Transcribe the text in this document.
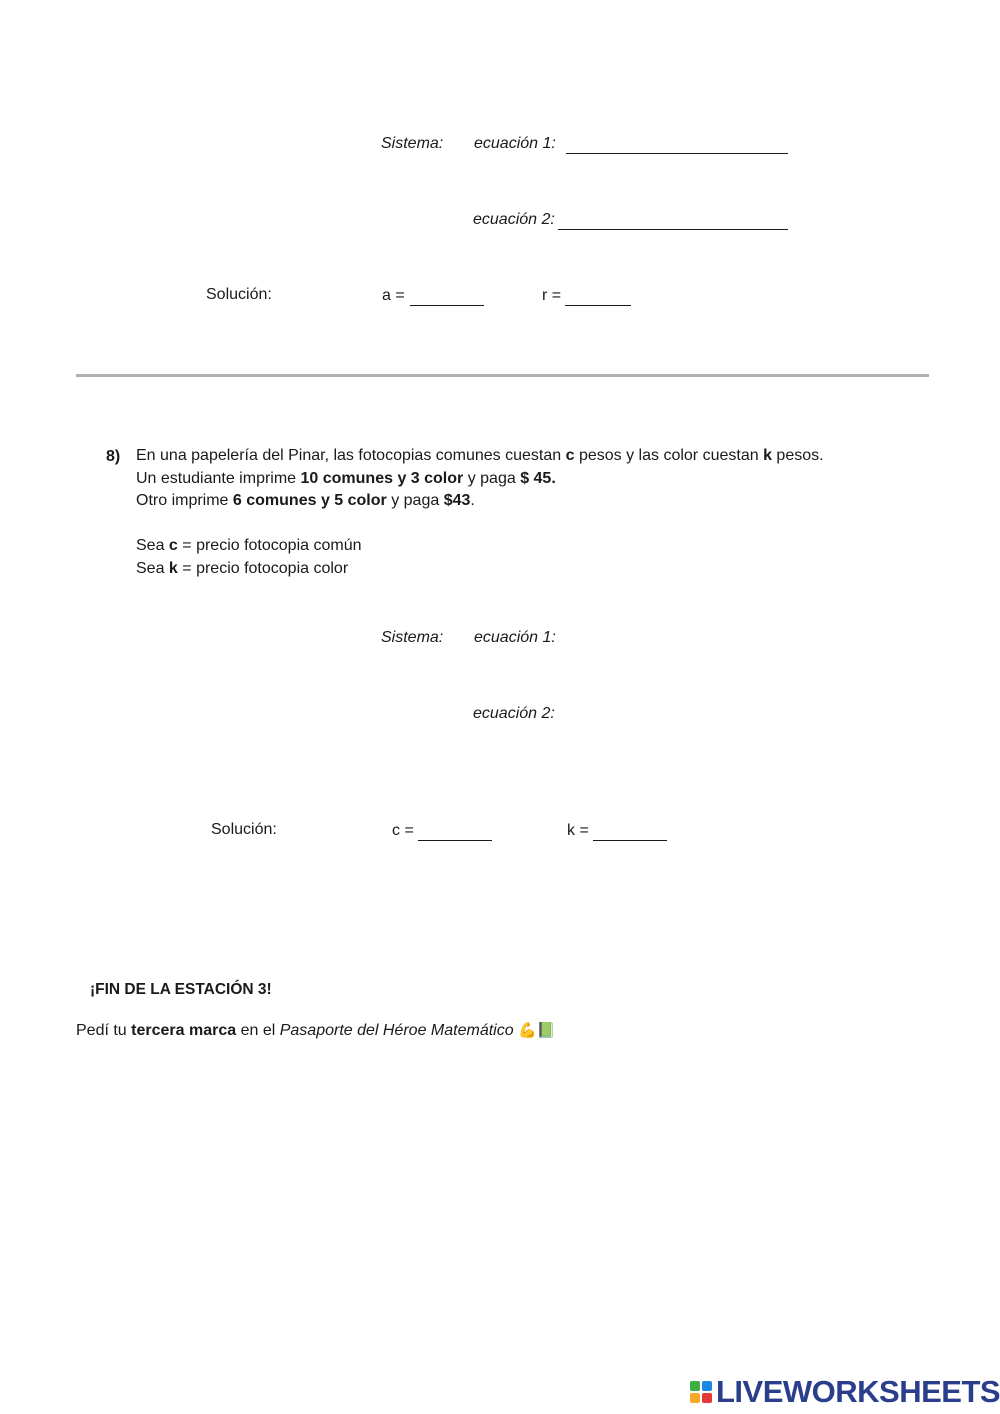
Sistema: ecuación 1:
ecuación 2:
Solución:	a =	r =
8) En una papelería del Pinar, las fotocopias comunes cuestan c pesos y las color cuestan k pesos.
Un estudiante imprime 10 comunes y 3 color y paga $ 45.
Otro imprime 6 comunes y 5 color y paga $43.
Sea c = precio fotocopia común
Sea k = precio fotocopia color
Sistema: ecuación 1:
ecuación 2:
Solución:	c =	k =
¡FIN DE LA ESTACIÓN 3!
Pedí tu tercera marca en el Pasaporte del Héroe Matemático 💪📗
LIVEWORKSHEETS
